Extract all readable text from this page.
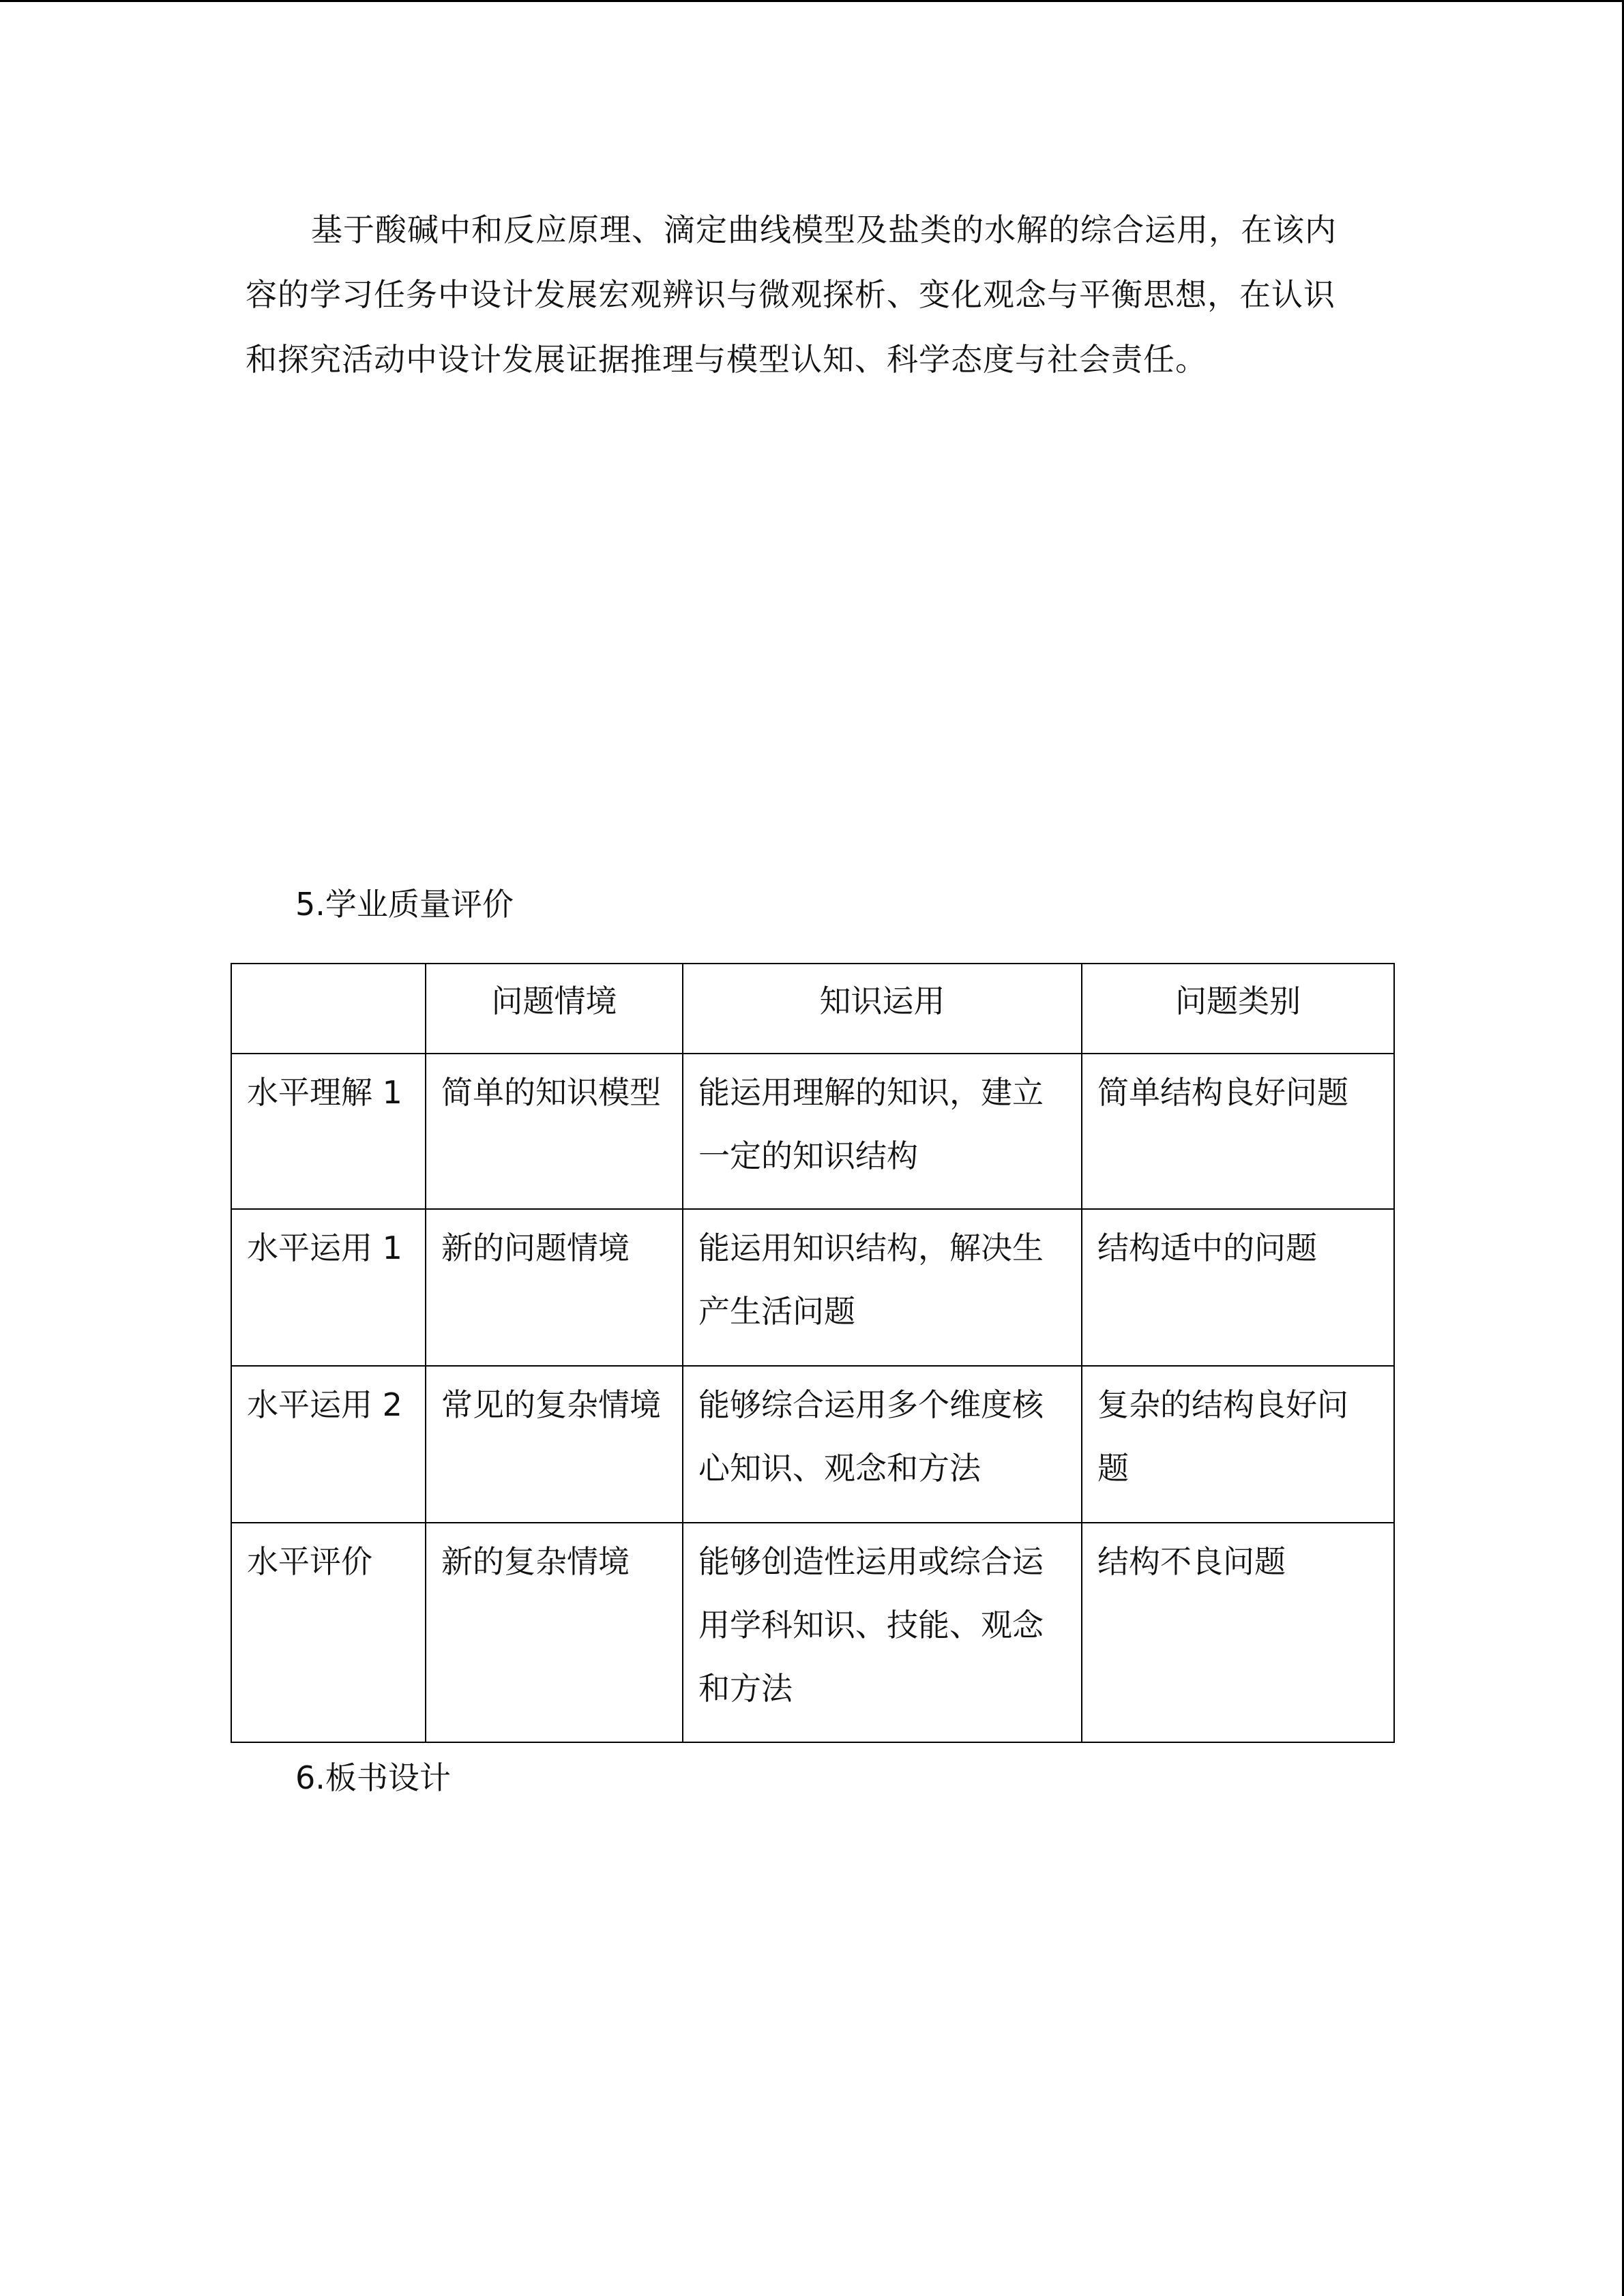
基于酸碱中和反应原理、滴定曲线模型及盐类的水解的综合运用，在该内
容的学习任务中设计发展宏观辨识与微观探析、变化观念与平衡思想，在认识
和探究活动中设计发展证据推理与模型认知、科学态度与社会责任。
5.学业质量评价
	问题情境	知识运用	问题类别
水平理解 1	简单的知识模型	能运用理解的知识，建立一定的知识结构	简单结构良好问题
水平运用 1	新的问题情境	能运用知识结构，解决生产生活问题	结构适中的问题
水平运用 2	常见的复杂情境	能够综合运用多个维度核心知识、观念和方法	复杂的结构良好问题
水平评价	新的复杂情境	能够创造性运用或综合运用学科知识、技能、观念和方法	结构不良问题
6.板书设计
